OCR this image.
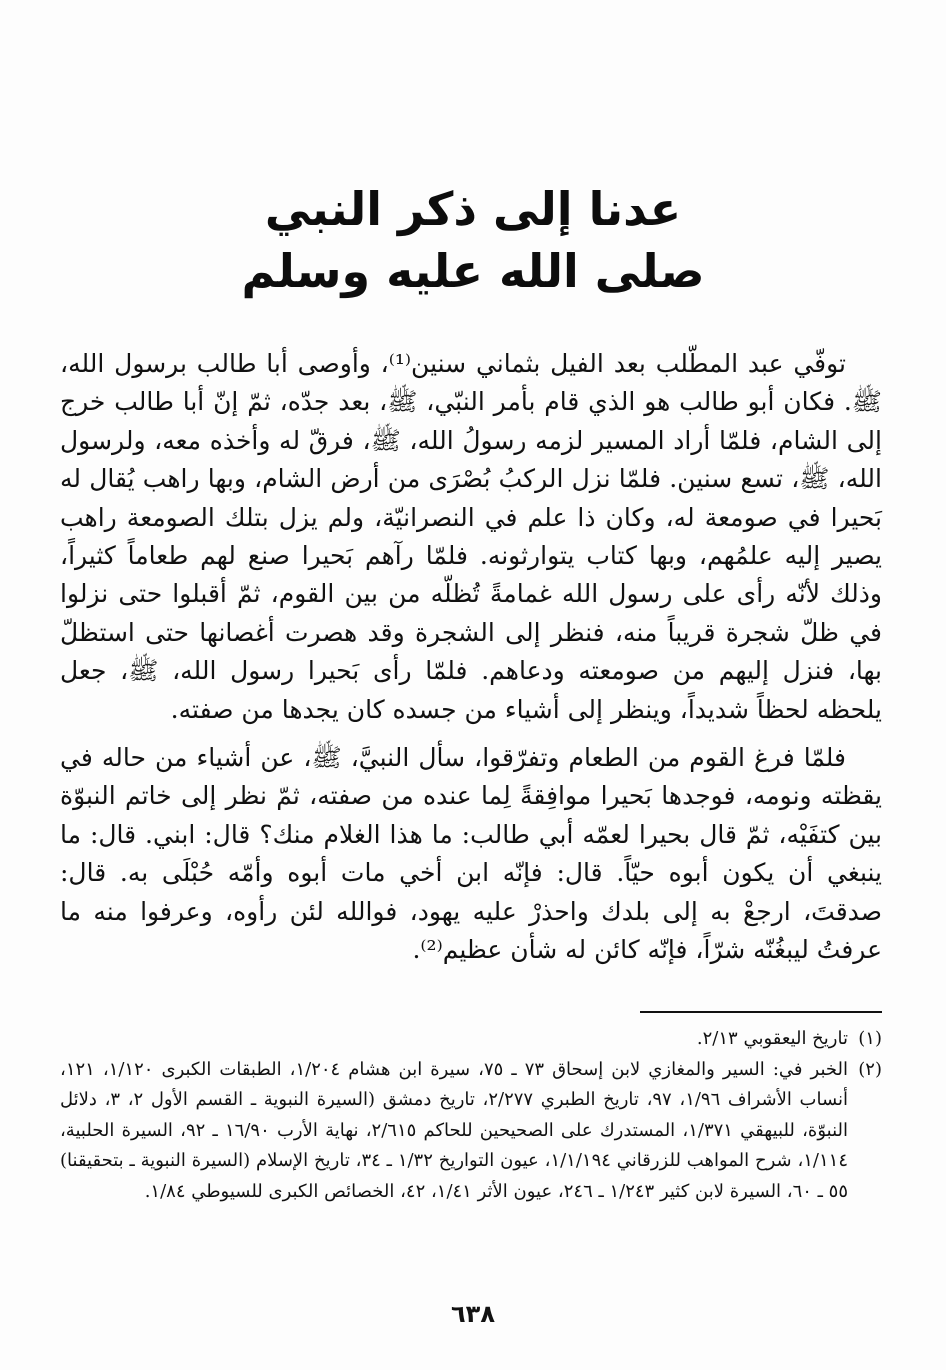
عدنا إلى ذكر النبي
صلى الله عليه وسلم

توفّي عبد المطّلب بعد الفيل بثماني سنين⁽¹⁾، وأوصى أبا طالب برسول الله، ﷺ. فكان أبو طالب هو الذي قام بأمر النبّي، ﷺ، بعد جدّه، ثمّ إنّ أبا طالب خرج إلى الشام، فلمّا أراد المسير لزمه رسولُ الله، ﷺ، فرقّ له وأخذه معه، ولرسول الله، ﷺ، تسع سنين. فلمّا نزل الركبُ بُصْرَى من أرض الشام، وبها راهب يُقال له بَحيرا في صومعة له، وكان ذا علم في النصرانيّة، ولم يزل بتلك الصومعة راهب يصير إليه علمُهم، وبها كتاب يتوارثونه. فلمّا رآهم بَحيرا صنع لهم طعاماً كثيراً، وذلك لأنّه رأى على رسول الله غمامةً تُظلّه من بين القوم، ثمّ أقبلوا حتى نزلوا في ظلّ شجرة قريباً منه، فنظر إلى الشجرة وقد هصرت أغصانها حتى استظلّ بها، فنزل إليهم من صومعته ودعاهم. فلمّا رأى بَحيرا رسول الله، ﷺ، جعل يلحظه لحظاً شديداً، وينظر إلى أشياء من جسده كان يجدها من صفته.

فلمّا فرغ القوم من الطعام وتفرّقوا، سأل النبيَّ، ﷺ، عن أشياء من حاله في يقظته ونومه، فوجدها بَحيرا موافِقةً لِما عنده من صفته، ثمّ نظر إلى خاتم النبوّة بين كتفَيْه، ثمّ قال بحيرا لعمّه أبي طالب: ما هذا الغلام منك؟ قال: ابني. قال: ما ينبغي أن يكون أبوه حيّاً. قال: فإنّه ابن أخي مات أبوه وأمّه حُبْلَى به. قال: صدقتَ، ارجعْ به إلى بلدك واحذرْ عليه يهود، فوالله لئن رأوه، وعرفوا منه ما عرفتُ ليبغُنّه شرّاً، فإنّه كائن له شأن عظيم⁽²⁾.

(١)
تاريخ اليعقوبي ٢/١٣.
(٢)
الخبر في: السير والمغازي لابن إسحاق ٧٣ ـ ٧٥، سيرة ابن هشام ١/٢٠٤، الطبقات الكبرى ١/١٢٠، ١٢١، أنساب الأشراف ١/٩٦، ٩٧، تاريخ الطبري ٢/٢٧٧، تاريخ دمشق (السيرة النبوية ـ القسم الأول ٢، ٣، دلائل النبوّة، للبيهقي ١/٣٧١، المستدرك على الصحيحين للحاكم ٢/٦١٥، نهاية الأرب ١٦/٩٠ ـ ٩٢، السيرة الحلبية، ١/١١٤، شرح المواهب للزرقاني ١/١/١٩٤، عيون التواريخ ١/٣٢ ـ ٣٤، تاريخ الإسلام (السيرة النبوية ـ بتحقيقنا) ٥٥ ـ ٦٠، السيرة لابن كثير ١/٢٤٣ ـ ٢٤٦، عيون الأثر ١/٤١، ٤٢، الخصائص الكبرى للسيوطي ١/٨٤.
٦٣٨
